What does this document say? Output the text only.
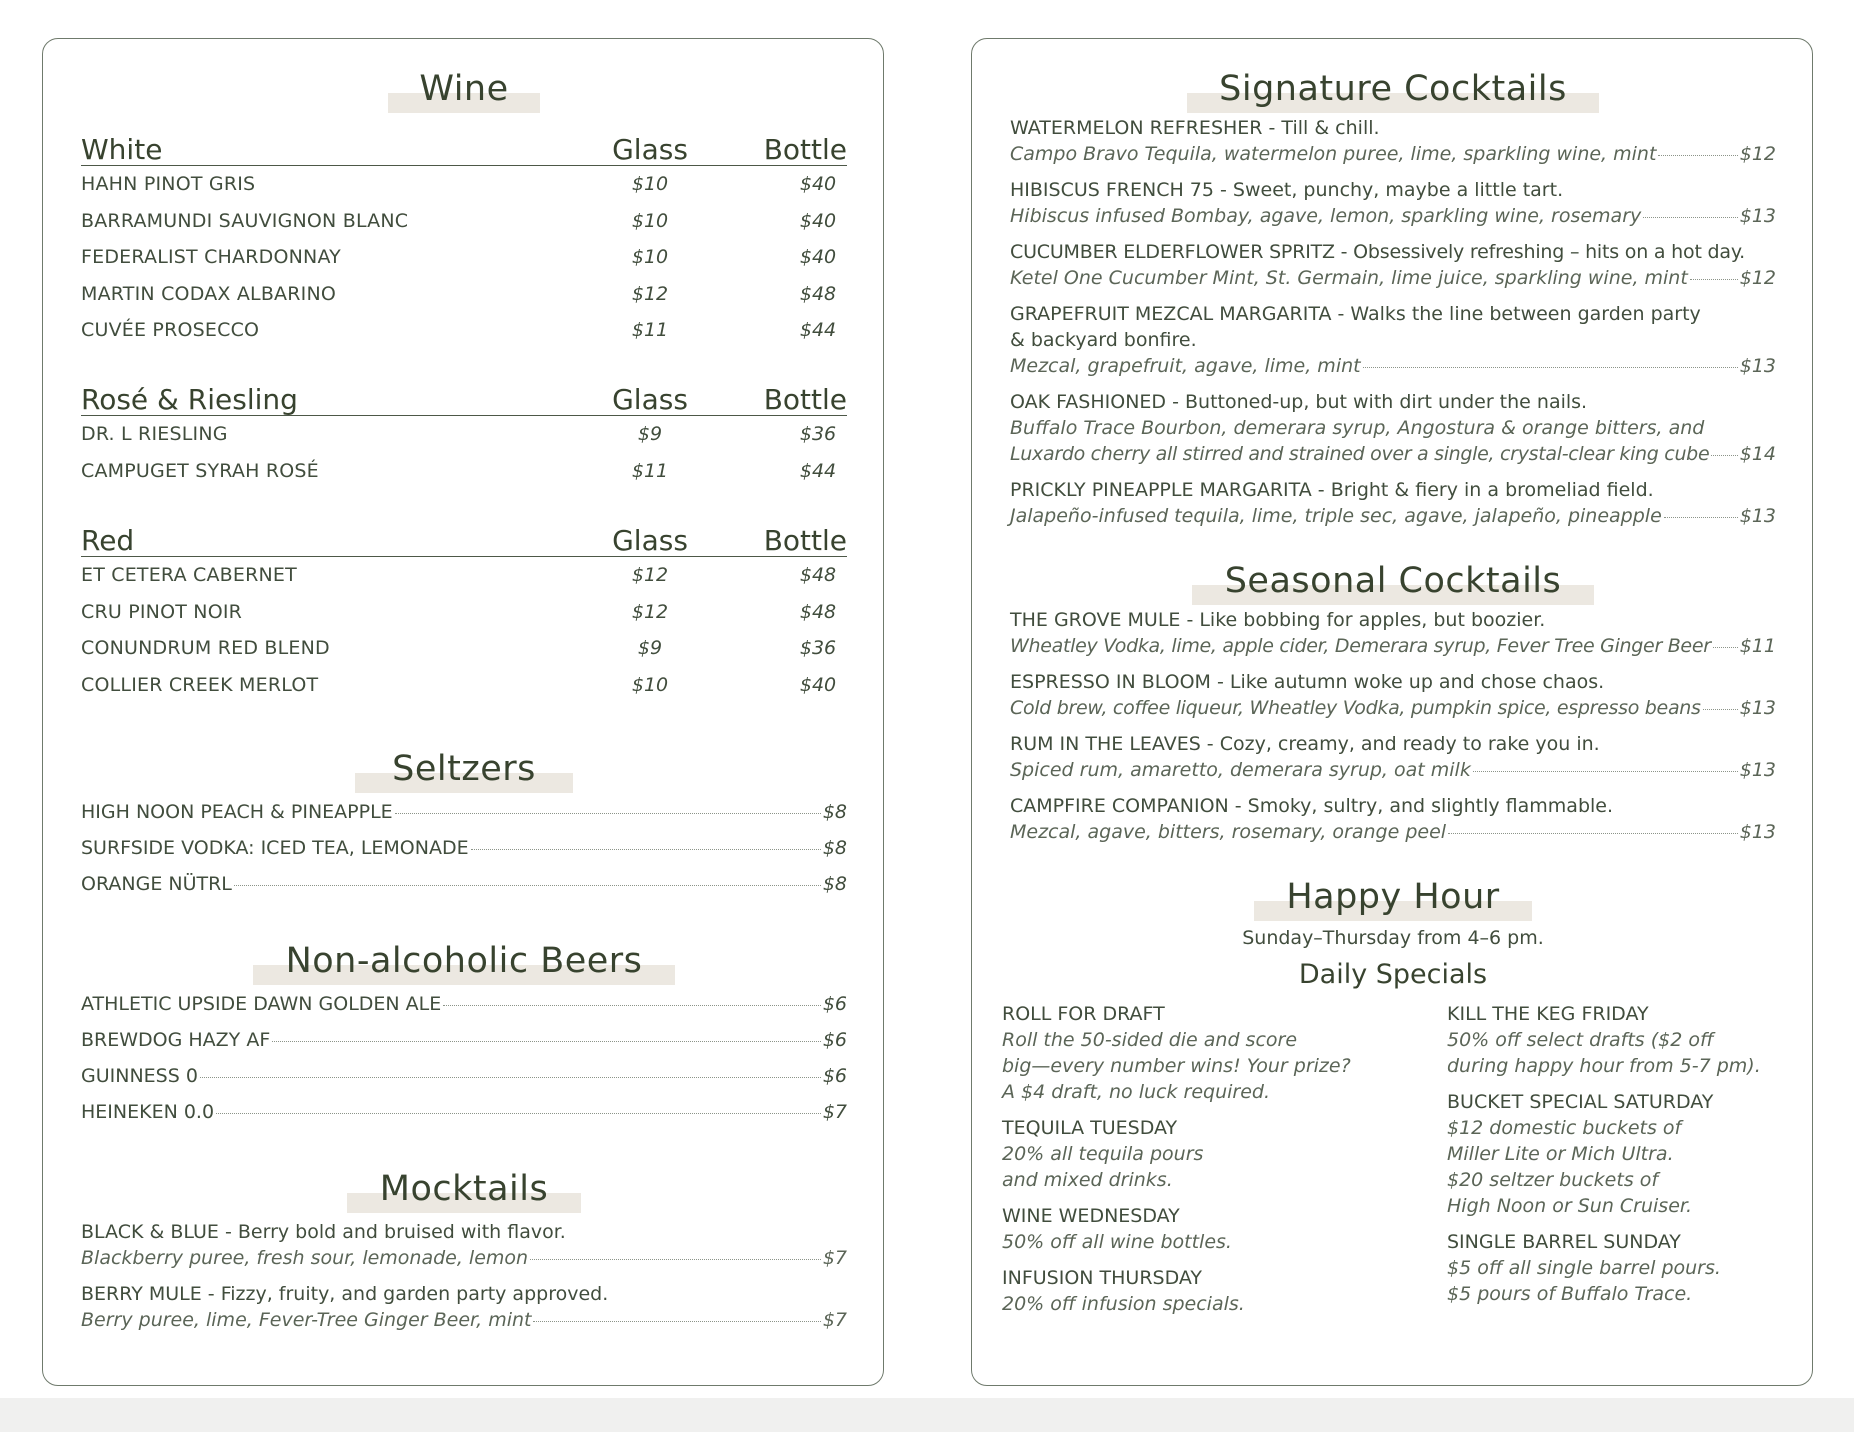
Wine
White	Glass	Bottle
HAHN PINOT GRIS	$10	$40
BARRAMUNDI SAUVIGNON BLANC	$10	$40
FEDERALIST CHARDONNAY	$10	$40
MARTIN CODAX ALBARINO	$12	$48
CUVÉE PROSECCO	$11	$44
Rosé & Riesling	Glass	Bottle
DR. L RIESLING	$9	$36
CAMPUGET SYRAH ROSÉ	$11	$44
Red	Glass	Bottle
ET CETERA CABERNET	$12	$48
CRU PINOT NOIR	$12	$48
CONUNDRUM RED BLEND	$9	$36
COLLIER CREEK MERLOT	$10	$40
Seltzers
HIGH NOON PEACH & PINEAPPLE	$8
SURFSIDE VODKA: ICED TEA, LEMONADE	$8
ORANGE NÜTRL	$8
Non-alcoholic Beers
ATHLETIC UPSIDE DAWN GOLDEN ALE	$6
BREWDOG HAZY AF	$6
GUINNESS 0	$6
HEINEKEN 0.0	$7
Mocktails
BLACK & BLUE - Berry bold and bruised with flavor.
Blackberry puree, fresh sour, lemonade, lemon	$7
BERRY MULE - Fizzy, fruity, and garden party approved.
Berry puree, lime, Fever-Tree Ginger Beer, mint	$7
Signature Cocktails
WATERMELON REFRESHER - Till & chill.
Campo Bravo Tequila, watermelon puree, lime, sparkling wine, mint	$12
HIBISCUS FRENCH 75 - Sweet, punchy, maybe a little tart.
Hibiscus infused Bombay, agave, lemon, sparkling wine, rosemary	$13
CUCUMBER ELDERFLOWER SPRITZ - Obsessively refreshing – hits on a hot day.
Ketel One Cucumber Mint, St. Germain, lime juice, sparkling wine, mint	$12
GRAPEFRUIT MEZCAL MARGARITA - Walks the line between garden party
& backyard bonfire.
Mezcal, grapefruit, agave, lime, mint	$13
OAK FASHIONED - Buttoned-up, but with dirt under the nails.
Buffalo Trace Bourbon, demerara syrup, Angostura & orange bitters, and
Luxardo cherry all stirred and strained over a single, crystal-clear king cube $14
PRICKLY PINEAPPLE MARGARITA - Bright & fiery in a bromeliad field.
Jalapeño-infused tequila, lime, triple sec, agave, jalapeño, pineapple	$13
Seasonal Cocktails
THE GROVE MULE - Like bobbing for apples, but boozier.
Wheatley Vodka, lime, apple cider, Demerara syrup, Fever Tree Ginger Beer $11
ESPRESSO IN BLOOM - Like autumn woke up and chose chaos.
Cold brew, coffee liqueur, Wheatley Vodka, pumpkin spice, espresso beans $13
RUM IN THE LEAVES - Cozy, creamy, and ready to rake you in.
Spiced rum, amaretto, demerara syrup, oat milk	$13
CAMPFIRE COMPANION - Smoky, sultry, and slightly flammable.
Mezcal, agave, bitters, rosemary, orange peel	$13
Happy Hour
Sunday–Thursday from 4–6 pm.
Daily Specials
ROLL FOR DRAFT
Roll the 50-sided die and score
big—every number wins! Your prize?
A $4 draft, no luck required.
TEQUILA TUESDAY
20% all tequila pours
and mixed drinks.
WINE WEDNESDAY
50% off all wine bottles.
INFUSION THURSDAY
20% off infusion specials.
KILL THE KEG FRIDAY
50% off select drafts ($2 off
during happy hour from 5-7 pm).
BUCKET SPECIAL SATURDAY
$12 domestic buckets of
Miller Lite or Mich Ultra.
$20 seltzer buckets of
High Noon or Sun Cruiser.
SINGLE BARREL SUNDAY
$5 off all single barrel pours.
$5 pours of Buffalo Trace.
